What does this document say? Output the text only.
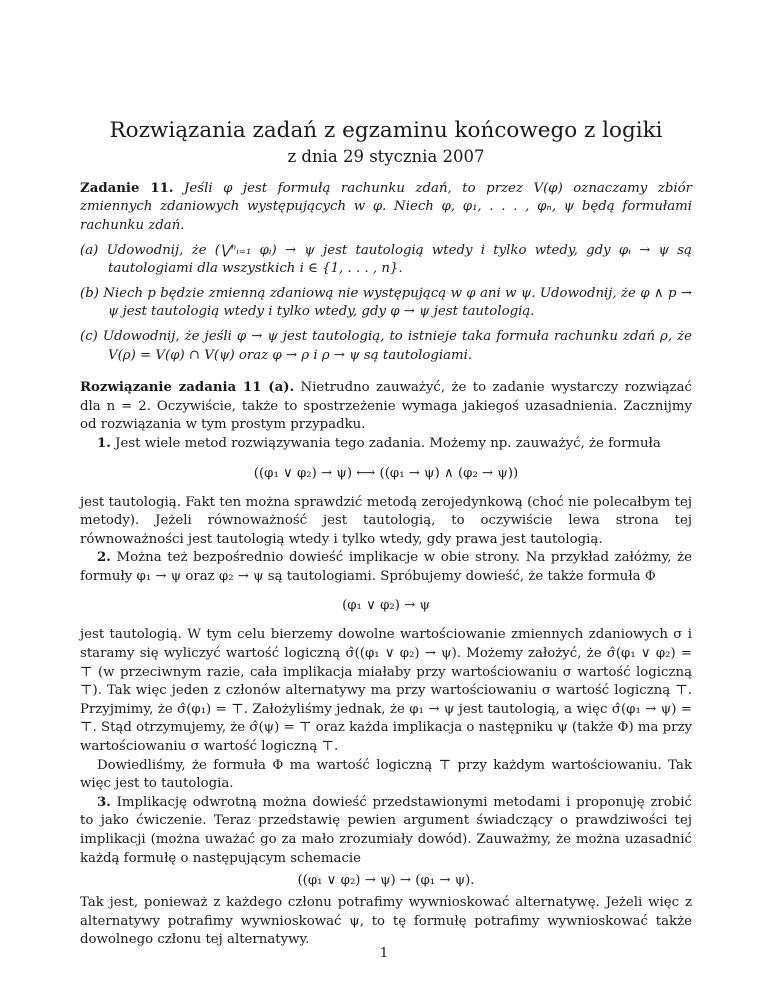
Rozwiązania zadań z egzaminu końcowego z logiki
z dnia 29 stycznia 2007

Zadanie 11. Jeśli φ jest formułą rachunku zdań, to przez V(φ) oznaczamy zbiór zmiennych zdaniowych występujących w φ. Niech φ, φ₁, . . . , φₙ, ψ będą formułami rachunku zdań.

(a) Udowodnij, że (⋁ⁿᵢ₌₁ φᵢ) → ψ jest tautologią wtedy i tylko wtedy, gdy φᵢ → ψ są tautologiami dla wszystkich i ∈ {1, . . . , n}.
(b) Niech p będzie zmienną zdaniową nie występującą w φ ani w ψ. Udowodnij, że φ ∧ p → ψ jest tautologią wtedy i tylko wtedy, gdy φ → ψ jest tautologią.
(c) Udowodnij, że jeśli φ → ψ jest tautologią, to istnieje taka formuła rachunku zdań ρ, że V(ρ) = V(φ) ∩ V(ψ) oraz φ → ρ i ρ → ψ są tautologiami.

Rozwiązanie zadania 11 (a). Nietrudno zauważyć, że to zadanie wystarczy rozwiązać dla n = 2. Oczywiście, także to spostrzeżenie wymaga jakiegoś uzasadnienia. Zacznijmy od rozwiązania w tym prostym przypadku.

1. Jest wiele metod rozwiązywania tego zadania. Możemy np. zauważyć, że formuła

((φ₁ ∨ φ₂) → ψ) ⟷ ((φ₁ → ψ) ∧ (φ₂ → ψ))

jest tautologią. Fakt ten można sprawdzić metodą zerojedynkową (choć nie polecałbym tej metody). Jeżeli równoważność jest tautologią, to oczywiście lewa strona tej równoważności jest tautologią wtedy i tylko wtedy, gdy prawa jest tautologią.

2. Można też bezpośrednio dowieść implikacje w obie strony. Na przykład załóżmy, że formuły φ₁ → ψ oraz φ₂ → ψ są tautologiami. Spróbujemy dowieść, że także formuła Φ

(φ₁ ∨ φ₂) → ψ

jest tautologią. W tym celu bierzemy dowolne wartościowanie zmiennych zdaniowych σ i staramy się wyliczyć wartość logiczną σ̂((φ₁ ∨ φ₂) → ψ). Możemy założyć, że σ̂(φ₁ ∨ φ₂) = ⊤ (w przeciwnym razie, cała implikacja miałaby przy wartościowaniu σ wartość logiczną ⊤). Tak więc jeden z członów alternatywy ma przy wartościowaniu σ wartość logiczną ⊤. Przyjmimy, że σ̂(φ₁) = ⊤. Założyliśmy jednak, że φ₁ → ψ jest tautologią, a więc σ̂(φ₁ → ψ) = ⊤. Stąd otrzymujemy, że σ̂(ψ) = ⊤ oraz każda implikacja o następniku ψ (także Φ) ma przy wartościowaniu σ wartość logiczną ⊤.

Dowiedliśmy, że formuła Φ ma wartość logiczną ⊤ przy każdym wartościowaniu. Tak więc jest to tautologia.

3. Implikację odwrotną można dowieść przedstawionymi metodami i proponuję zrobić to jako ćwiczenie. Teraz przedstawię pewien argument świadczący o prawdziwości tej implikacji (można uważać go za mało zrozumiały dowód). Zauważmy, że można uzasadnić każdą formułę o następującym schemacie

((φ₁ ∨ φ₂) → ψ) → (φ₁ → ψ).

Tak jest, ponieważ z każdego członu potrafimy wywnioskować alternatywę. Jeżeli więc z alternatywy potrafimy wywnioskować ψ, to tę formułę potrafimy wywnioskować także dowolnego członu tej alternatywy.

1
